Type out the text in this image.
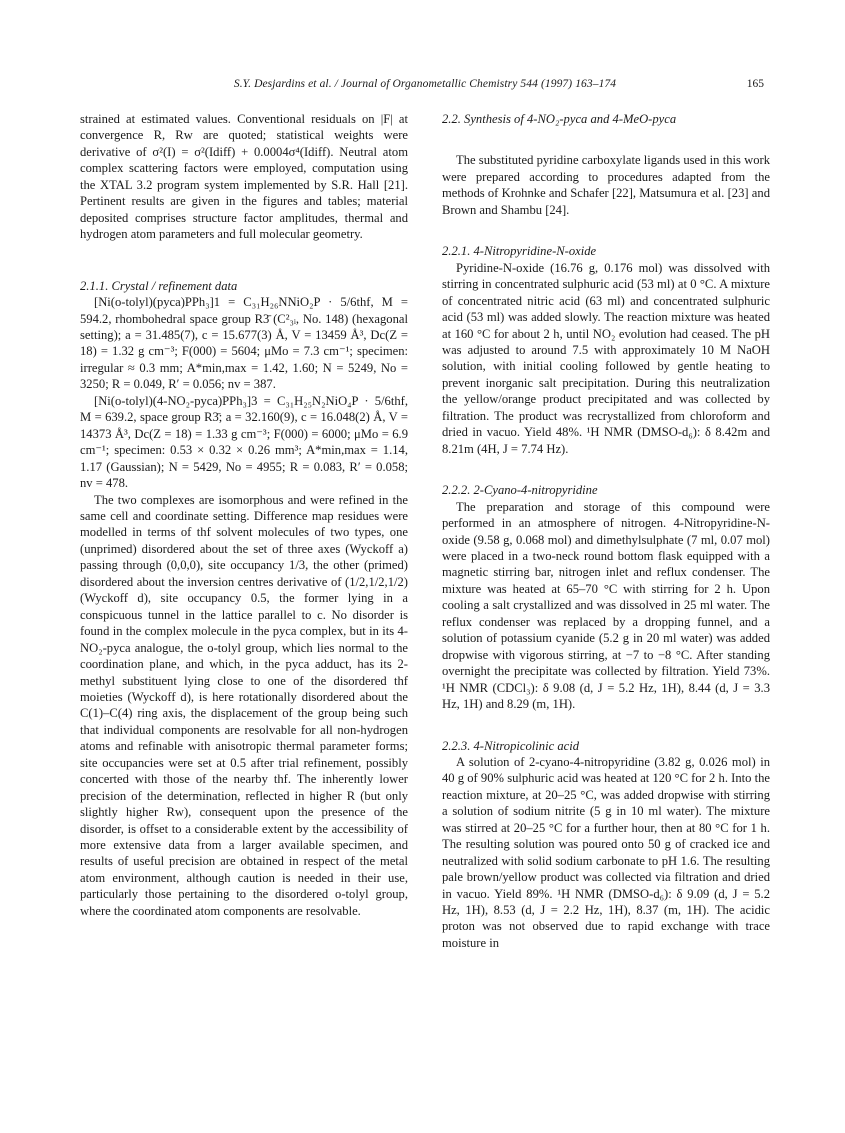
S.Y. Desjardins et al. / Journal of Organometallic Chemistry 544 (1997) 163–174	165

strained at estimated values. Conventional residuals on |F| at convergence R, Rw are quoted; statistical weights were derivative of σ²(I) = σ²(Idiff) + 0.0004σ⁴(Idiff). Neutral atom complex scattering factors were employed, computation using the XTAL 3.2 program system implemented by S.R. Hall [21]. Pertinent results are given in the figures and tables; material deposited comprises structure factor amplitudes, thermal and hydrogen atom parameters and full molecular geometry.

2.1.1. Crystal / refinement data

[Ni(o-tolyl)(pyca)PPh₃]1 = C₃₁H₂₆NNiO₂P · 5/6thf, M = 594.2, rhombohedral space group R3̄ (C²₃ᵢ, No. 148) (hexagonal setting); a = 31.485(7), c = 15.677(3) Å, V = 13459 Å³, Dc(Z = 18) = 1.32 g cm⁻³; F(000) = 5604; μMo = 7.3 cm⁻¹; specimen: irregular ≈ 0.3 mm; A*min,max = 1.42, 1.60; N = 5249, No = 3250; R = 0.049, R′ = 0.056; nv = 387.

[Ni(o-tolyl)(4-NO₂-pyca)PPh₃]3 = C₃₁H₂₅N₂NiO₄P · 5/6thf, M = 639.2, space group R3̄; a = 32.160(9), c = 16.048(2) Å, V = 14373 Å³, Dc(Z = 18) = 1.33 g cm⁻³; F(000) = 6000; μMo = 6.9 cm⁻¹; specimen: 0.53 × 0.32 × 0.26 mm³; A*min,max = 1.14, 1.17 (Gaussian); N = 5429, No = 4955; R = 0.083, R′ = 0.058; nv = 478.

The two complexes are isomorphous and were refined in the same cell and coordinate setting. Difference map residues were modelled in terms of thf solvent molecules of two types, one (unprimed) disordered about the set of three axes (Wyckoff a) passing through (0,0,0), site occupancy 1/3, the other (primed) disordered about the inversion centres derivative of (1/2,1/2,1/2) (Wyckoff d), site occupancy 0.5, the former lying in a conspicuous tunnel in the lattice parallel to c. No disorder is found in the complex molecule in the pyca complex, but in its 4-NO₂-pyca analogue, the o-tolyl group, which lies normal to the coordination plane, and which, in the pyca adduct, has its 2-methyl substituent lying close to one of the disordered thf moieties (Wyckoff d), is here rotationally disordered about the C(1)–C(4) ring axis, the displacement of the group being such that individual components are resolvable for all non-hydrogen atoms and refinable with anisotropic thermal parameter forms; site occupancies were set at 0.5 after trial refinement, possibly concerted with those of the nearby thf. The inherently lower precision of the determination, reflected in higher R (but only slightly higher Rw), consequent upon the presence of the disorder, is offset to a considerable extent by the accessibility of more extensive data from a larger available specimen, and results of useful precision are obtained in respect of the metal atom environment, although caution is needed in their use, particularly those pertaining to the disordered o-tolyl group, where the coordinated atom components are resolvable.

2.2. Synthesis of 4-NO₂-pyca and 4-MeO-pyca

The substituted pyridine carboxylate ligands used in this work were prepared according to procedures adapted from the methods of Krohnke and Schafer [22], Matsumura et al. [23] and Brown and Shambu [24].

2.2.1. 4-Nitropyridine-N-oxide

Pyridine-N-oxide (16.76 g, 0.176 mol) was dissolved with stirring in concentrated sulphuric acid (53 ml) at 0 °C. A mixture of concentrated nitric acid (63 ml) and concentrated sulphuric acid (53 ml) was added slowly. The reaction mixture was heated at 160 °C for about 2 h, until NO₂ evolution had ceased. The pH was adjusted to around 7.5 with approximately 10 M NaOH solution, with initial cooling followed by gentle heating to prevent inorganic salt precipitation. During this neutralization the yellow/orange product precipitated and was collected by filtration. The product was recrystallized from chloroform and dried in vacuo. Yield 48%. ¹H NMR (DMSO-d₆): δ 8.42m and 8.21m (4H, J = 7.74 Hz).

2.2.2. 2-Cyano-4-nitropyridine

The preparation and storage of this compound were performed in an atmosphere of nitrogen. 4-Nitropyridine-N-oxide (9.58 g, 0.068 mol) and dimethylsulphate (7 ml, 0.07 mol) were placed in a two-neck round bottom flask equipped with a magnetic stirring bar, nitrogen inlet and reflux condenser. The mixture was heated at 65–70 °C with stirring for 2 h. Upon cooling a salt crystallized and was dissolved in 25 ml water. The reflux condenser was replaced by a dropping funnel, and a solution of potassium cyanide (5.2 g in 20 ml water) was added dropwise with vigorous stirring, at −7 to −8 °C. After standing overnight the precipitate was collected by filtration. Yield 73%. ¹H NMR (CDCl₃): δ 9.08 (d, J = 5.2 Hz, 1H), 8.44 (d, J = 3.3 Hz, 1H) and 8.29 (m, 1H).

2.2.3. 4-Nitropicolinic acid

A solution of 2-cyano-4-nitropyridine (3.82 g, 0.026 mol) in 40 g of 90% sulphuric acid was heated at 120 °C for 2 h. Into the reaction mixture, at 20–25 °C, was added dropwise with stirring a solution of sodium nitrite (5 g in 10 ml water). The mixture was stirred at 20–25 °C for a further hour, then at 80 °C for 1 h. The resulting solution was poured onto 50 g of cracked ice and neutralized with solid sodium carbonate to pH 1.6. The resulting pale brown/yellow product was collected via filtration and dried in vacuo. Yield 89%. ¹H NMR (DMSO-d₆): δ 9.09 (d, J = 5.2 Hz, 1H), 8.53 (d, J = 2.2 Hz, 1H), 8.37 (m, 1H). The acidic proton was not observed due to rapid exchange with trace moisture in
